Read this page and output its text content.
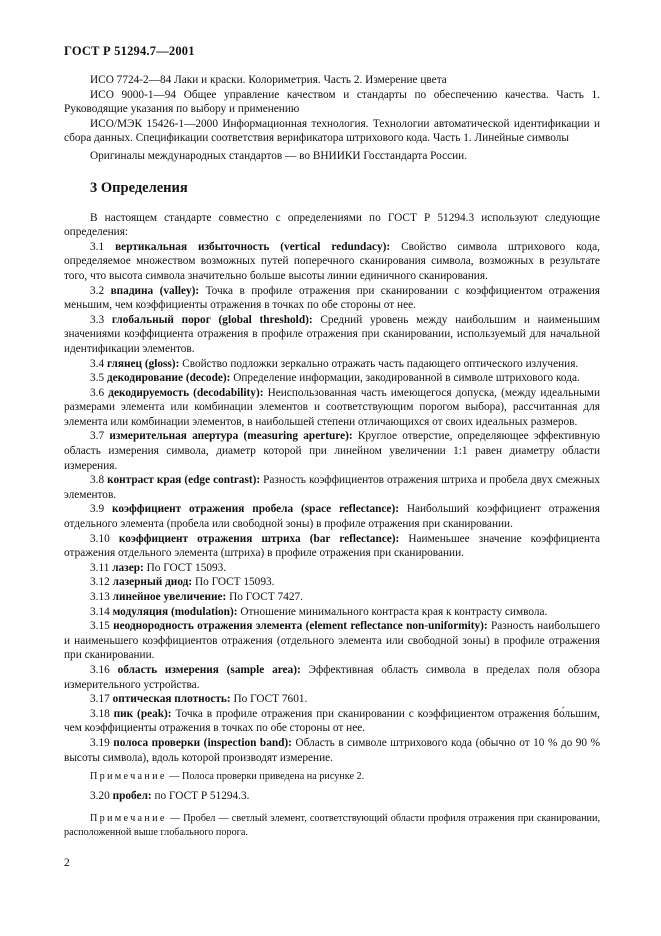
ГОСТ Р 51294.7—2001

ИСО 7724-2—84 Лаки и краски. Колориметрия. Часть 2. Измерение цвета

ИСО 9000-1—94 Общее управление качеством и стандарты по обеспечению качества. Часть 1. Руководящие указания по выбору и применению

ИСО/МЭК 15426-1—2000 Информационная технология. Технологии автоматической идентификации и сбора данных. Спецификации соответствия верификатора штрихового кода. Часть 1. Линейные символы

Оригиналы международных стандартов — во ВНИИКИ Госстандарта России.

3 Определения

В настоящем стандарте совместно с определениями по ГОСТ Р 51294.3 используют следующие определения:

3.1 вертикальная избыточность (vertical redundacy): Свойство символа штрихового кода, определяемое множеством возможных путей поперечного сканирования символа, возможных в результате того, что высота символа значительно больше высоты линии единичного сканирования.

3.2 впадина (valley): Точка в профиле отражения при сканировании с коэффициентом отражения меньшим, чем коэффициенты отражения в точках по обе стороны от нее.

3.3 глобальный порог (global threshold): Средний уровень между наибольшим и наименьшим значениями коэффициента отражения в профиле отражения при сканировании, используемый для начальной идентификации элементов.

3.4 глянец (gloss): Свойство подложки зеркально отражать часть падающего оптического излучения.

3.5 декодирование (decode): Определение информации, закодированной в символе штрихового кода.

3.6 декодируемость (decodability): Неиспользованная часть имеющегося допуска, (между идеальными размерами элемента или комбинации элементов и соответствующим порогом выбора), рассчитанная для элемента или комбинации элементов, в наибольшей степени отличающихся от своих идеальных размеров.

3.7 измерительная апертура (measuring aperture): Круглое отверстие, определяющее эффективную область измерения символа, диаметр которой при линейном увеличении 1:1 равен диаметру области измерения.

3.8 контраст края (edge contrast): Разность коэффициентов отражения штриха и пробела двух смежных элементов.

3.9 коэффициент отражения пробела (space reflectance): Наибольший коэффициент отражения отдельного элемента (пробела или свободной зоны) в профиле отражения при сканировании.

3.10 коэффициент отражения штриха (bar reflectance): Наименьшее значение коэффициента отражения отдельного элемента (штриха) в профиле отражения при сканировании.

3.11 лазер: По ГОСТ 15093.

3.12 лазерный диод: По ГОСТ 15093.

3.13 линейное увеличение: По ГОСТ 7427.

3.14 модуляция (modulation): Отношение минимального контраста края к контрасту символа.

3.15 неоднородность отражения элемента (element reflectance non-uniformity): Разность наибольшего и наименьшего коэффициентов отражения (отдельного элемента или свободной зоны) в профиле отражения при сканировании.

3.16 область измерения (sample area): Эффективная область символа в пределах поля обзора измерительного устройства.

3.17 оптическая плотность: По ГОСТ 7601.

3.18 пик (peak): Точка в профиле отражения при сканировании с коэффициентом отражения бо́льшим, чем коэффициенты отражения в точках по обе стороны от нее.

3.19 полоса проверки (inspection band): Область в символе штрихового кода (обычно от 10 % до 90 % высоты символа), вдоль которой производят измерение.

Примечание — Полоса проверки приведена на рисунке 2.

3.20 пробел: по ГОСТ Р 51294.3.

Примечание — Пробел — светлый элемент, соответствующий области профиля отражения при сканировании, расположенной выше глобального порога.

2
